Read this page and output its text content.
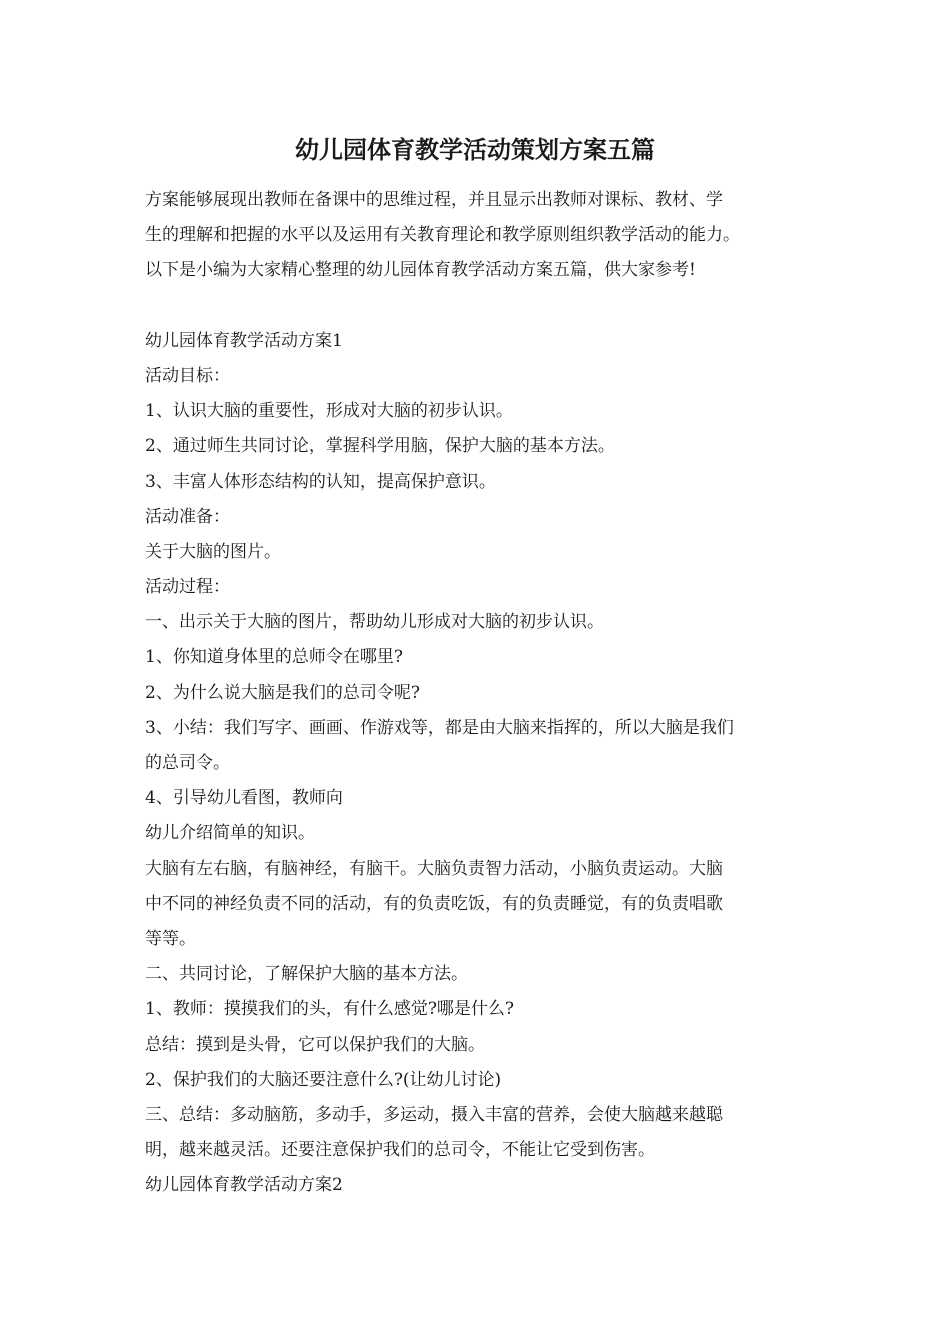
幼儿园体育教学活动策划方案五篇
方案能够展现出教师在备课中的思维过程，并且显示出教师对课标、教材、学
生的理解和把握的水平以及运用有关教育理论和教学原则组织教学活动的能力。
以下是小编为大家精心整理的幼儿园体育教学活动方案五篇，供大家参考!
幼儿园体育教学活动方案1
活动目标：
1、认识大脑的重要性，形成对大脑的初步认识。
2、通过师生共同讨论，掌握科学用脑，保护大脑的基本方法。
3、丰富人体形态结构的认知，提高保护意识。
活动准备：
关于大脑的图片。
活动过程：
一、出示关于大脑的图片，帮助幼儿形成对大脑的初步认识。
1、你知道身体里的总师令在哪里?
2、为什么说大脑是我们的总司令呢?
3、小结：我们写字、画画、作游戏等，都是由大脑来指挥的，所以大脑是我们
的总司令。
4、引导幼儿看图，教师向
幼儿介绍简单的知识。
大脑有左右脑，有脑神经，有脑干。大脑负责智力活动，小脑负责运动。大脑
中不同的神经负责不同的活动，有的负责吃饭，有的负责睡觉，有的负责唱歌
等等。
二、共同讨论，了解保护大脑的基本方法。
1、教师：摸摸我们的头，有什么感觉?哪是什么?
总结：摸到是头骨，它可以保护我们的大脑。
2、保护我们的大脑还要注意什么?(让幼儿讨论)
三、总结：多动脑筋，多动手，多运动，摄入丰富的营养，会使大脑越来越聪
明，越来越灵活。还要注意保护我们的总司令，不能让它受到伤害。
幼儿园体育教学活动方案2
